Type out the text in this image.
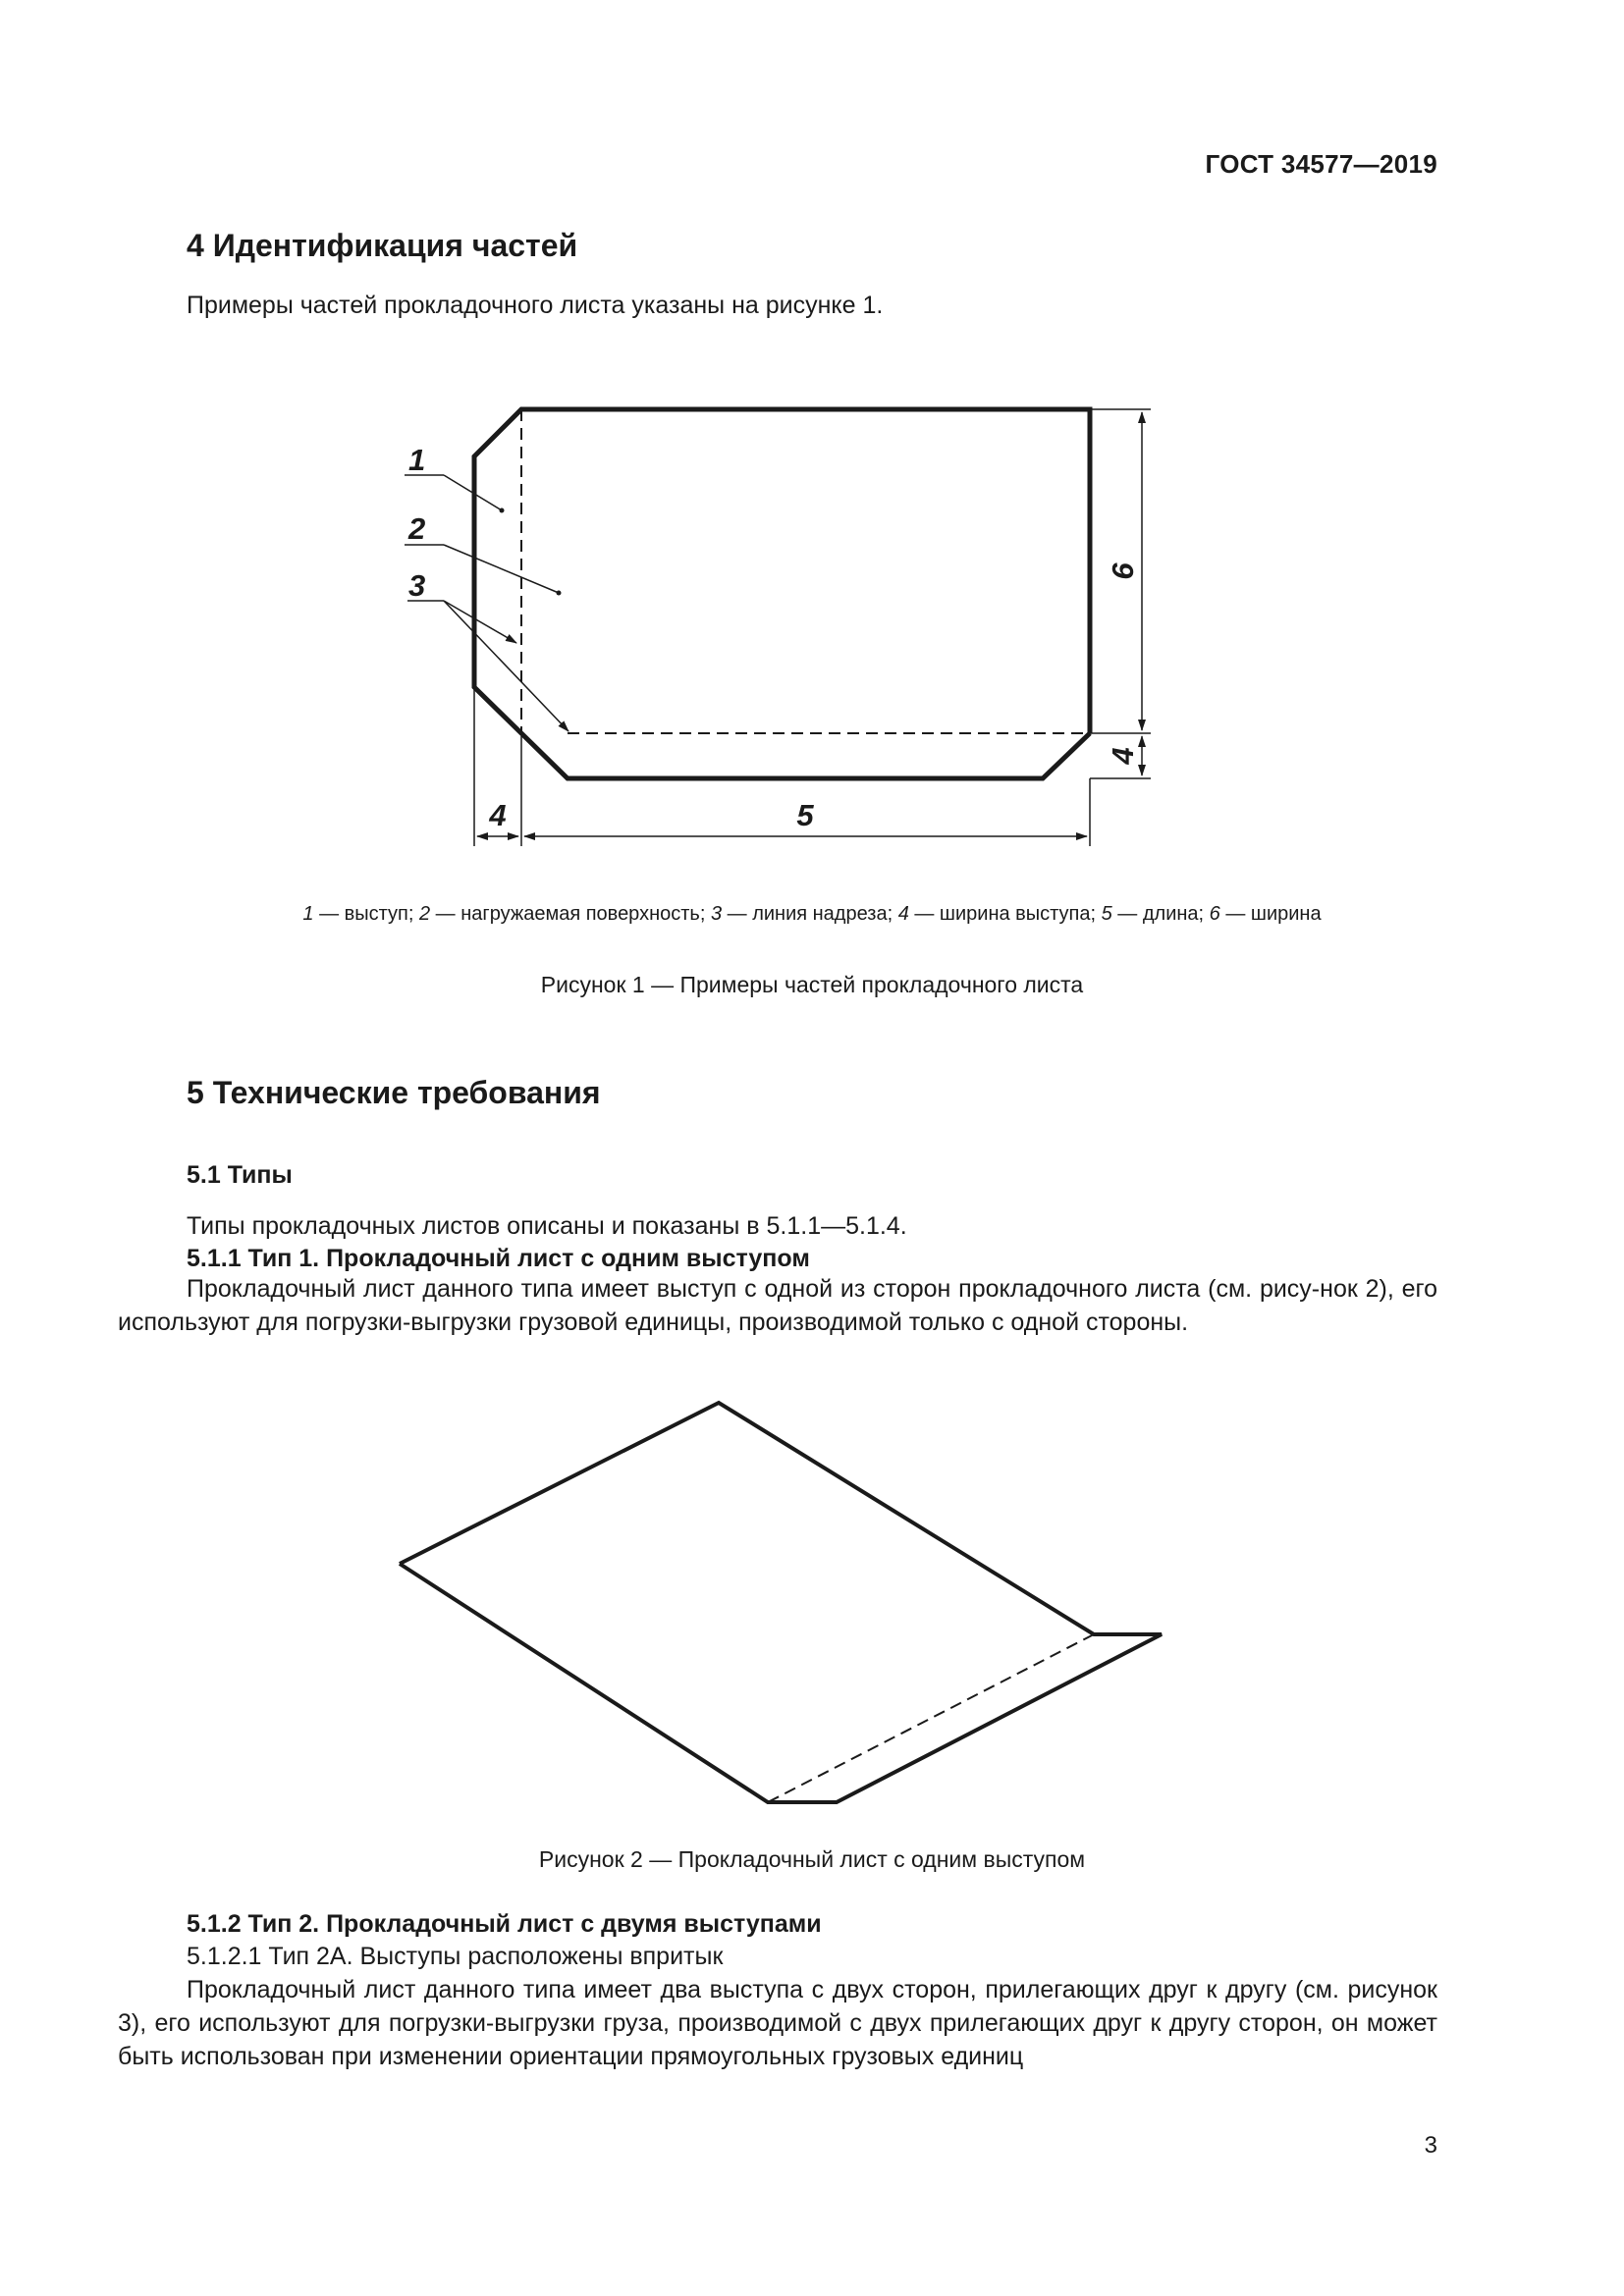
ГОСТ 34577—2019
4 Идентификация частей
Примеры частей прокладочного листа указаны на рисунке 1.
1
2
3	6
4
4	5
1 — выступ; 2 — нагружаемая поверхность; 3 — линия надреза; 4 — ширина выступа; 5 — длина; 6 — ширина
Рисунок 1 — Примеры частей прокладочного листа
5 Технические требования
5.1 Типы
Типы прокладочных листов описаны и показаны в 5.1.1—5.1.4.
5.1.1 Тип 1. Прокладочный лист с одним выступом
Прокладочный лист данного типа имеет выступ с одной из сторон прокладочного листа (см. рису-нок 2), его используют для погрузки-выгрузки грузовой единицы, производимой только с одной стороны.
Рисунок 2 — Прокладочный лист с одним выступом
5.1.2 Тип 2. Прокладочный лист с двумя выступами
5.1.2.1 Тип 2А. Выступы расположены впритык
Прокладочный лист данного типа имеет два выступа с двух сторон, прилегающих друг к другу (см. рисунок 3), его используют для погрузки-выгрузки груза, производимой с двух прилегающих друг к другу сторон, он может быть использован при изменении ориентации прямоугольных грузовых единиц
3
